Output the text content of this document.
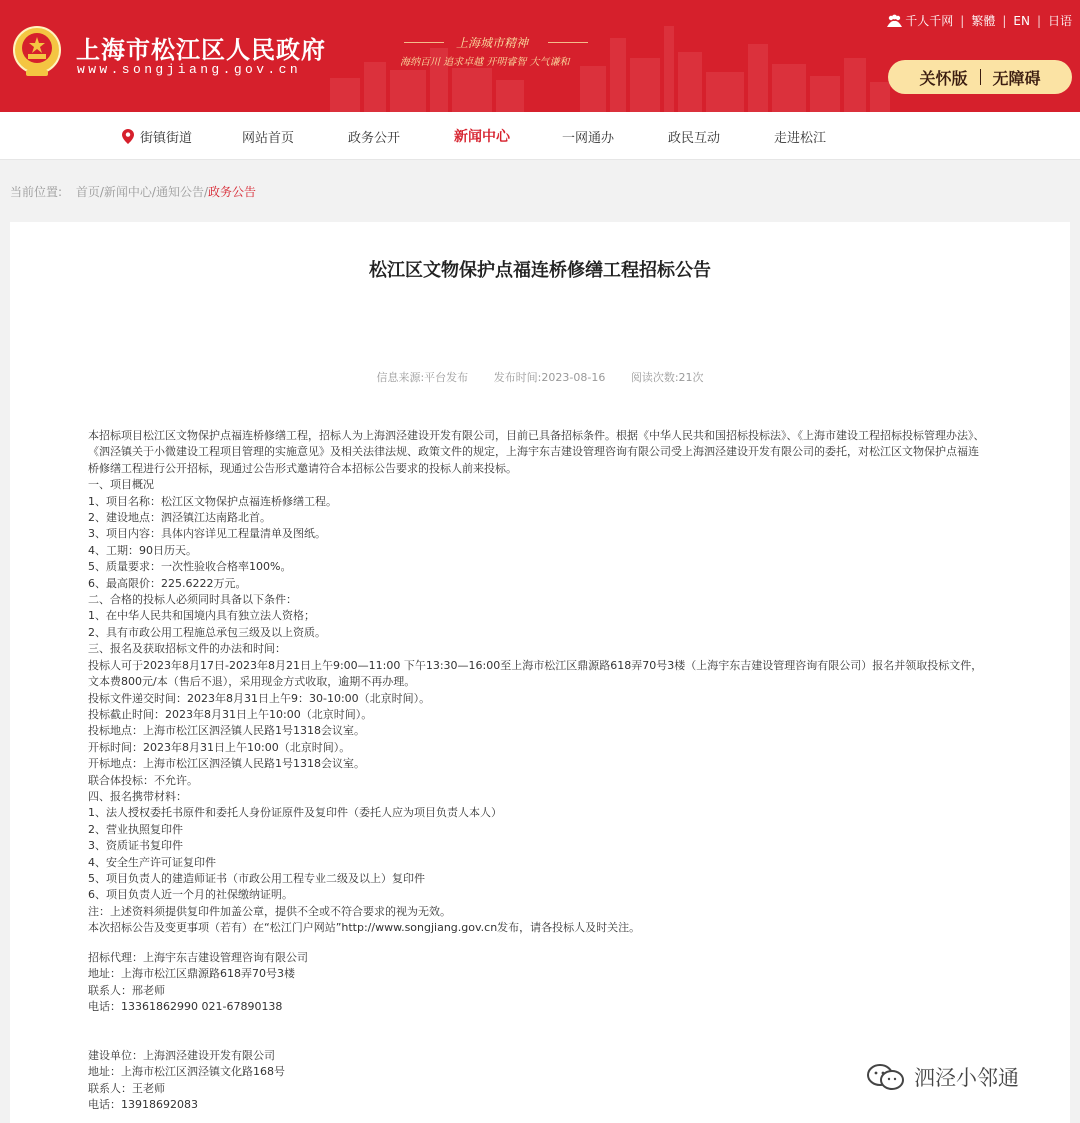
上海市松江区人民政府
www.songjiang.gov.cn
上海城市精神
海纳百川 追求卓越 开明睿智 大气谦和
千人千网 | 繁體 | EN | 日语
关怀版 无障碍
街镇街道	网站首页	政务公开	新闻中心	一网通办	政民互动	走进松江
当前位置: 首页/新闻中心/通知公告/政务公告
松江区文物保护点福连桥修缮工程招标公告
信息来源:平台发布 发布时间:2023-08-16 阅读次数:21次

本招标项目松江区文物保护点福连桥修缮工程，招标人为上海泗泾建设开发有限公司，目前已具备招标条件。根据《中华人民共和国招标投标法》、《上海市建设工程招标投标管理办法》、《泗泾镇关于小微建设工程项目管理的实施意见》及相关法律法规、政策文件的规定，上海宇东吉建设管理咨询有限公司受上海泗泾建设开发有限公司的委托，对松江区文物保护点福连桥修缮工程进行公开招标，现通过公告形式邀请符合本招标公告要求的投标人前来投标。

一、项目概况

1、项目名称：松江区文物保护点福连桥修缮工程。

2、建设地点：泗泾镇江达南路北首。

3、项目内容：具体内容详见工程量清单及图纸。

4、工期：90日历天。

5、质量要求：一次性验收合格率100%。

6、最高限价：225.6222万元。

二、合格的投标人必须同时具备以下条件：

1、在中华人民共和国境内具有独立法人资格；

2、具有市政公用工程施总承包三级及以上资质。

三、报名及获取招标文件的办法和时间：

投标人可于2023年8月17日-2023年8月21日上午9:00—11:00 下午13:30—16:00至上海市松江区鼎源路618弄70号3楼（上海宇东吉建设管理咨询有限公司）报名并领取投标文件，文本费800元/本（售后不退），采用现金方式收取，逾期不再办理。

投标文件递交时间：2023年8月31日上午9：30-10:00（北京时间）。

投标截止时间：2023年8月31日上午10:00（北京时间）。

投标地点：上海市松江区泗泾镇人民路1号1318会议室。

开标时间：2023年8月31日上午10:00（北京时间）。

开标地点：上海市松江区泗泾镇人民路1号1318会议室。

联合体投标：不允许。

四、报名携带材料：

1、法人授权委托书原件和委托人身份证原件及复印件（委托人应为项目负责人本人）

2、营业执照复印件

3、资质证书复印件

4、安全生产许可证复印件

5、项目负责人的建造师证书（市政公用工程专业二级及以上）复印件

6、项目负责人近一个月的社保缴纳证明。

注：上述资料须提供复印件加盖公章，提供不全或不符合要求的视为无效。

本次招标公告及变更事项（若有）在“松江门户网站”http://www.songjiang.gov.cn发布，请各投标人及时关注。

招标代理：上海宇东吉建设管理咨询有限公司

地址：上海市松江区鼎源路618弄70号3楼

联系人：邢老师

电话：13361862990 021-67890138

建设单位：上海泗泾建设开发有限公司

地址：上海市松江区泗泾镇文化路168号

联系人：王老师

电话：13918692083

泗泾小邻通
